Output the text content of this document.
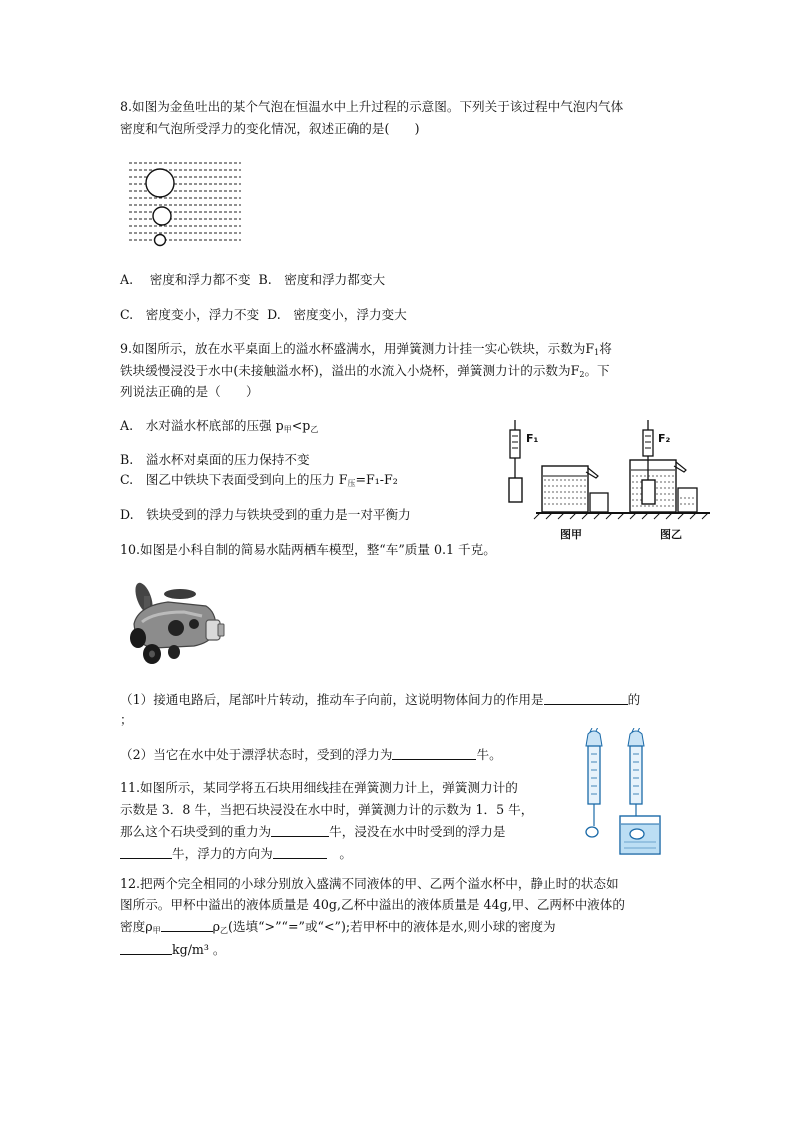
8.如图为金鱼吐出的某个气泡在恒温水中上升过程的示意图。下列关于该过程中气泡内气体
密度和气泡所受浮力的变化情况，叙述正确的是(　　)
A.　 密度和浮力都不变 B.　密度和浮力都变大
C.　密度变小，浮力不变 D.　密度变小，浮力变大
9.如图所示，放在水平桌面上的溢水杯盛满水，用弹簧测力计挂一实心铁块，示数为$F_1$将
铁块缓慢浸没于水中(未接触溢水杯)，溢出的水流入小烧杯，弹簧测力计的示数为$F_2$。下
列说法正确的是（　　）
A.　水对溢水杯底部的压强 $p_甲<p_乙$
B.　溢水杯对桌面的压力保持不变
C.　图乙中铁块下表面受到向上的压力 $F_压=F_1-F_2$
D.　铁块受到的浮力与铁块受到的重力是一对平衡力
F₁	F₂
图甲	图乙
10.如图是小科自制的简易水陆两栖车模型，整“车”质量 0.1 千克。
（1）接通电路后，尾部叶片转动，推动车子向前，这说明物体间力的作用是	的
；
（2）当它在水中处于漂浮状态时，受到的浮力为	牛。
11.如图所示，某同学将五石块用细线挂在弹簧测力计上，弹簧测力计的
示数是 3．8 牛，当把石块浸没在水中时，弹簧测力计的示数为 1．5 牛，
那么这个石块受到的重力为	牛，浸没在水中时受到的浮力是
牛，浮力的方向为	　。
12.把两个完全相同的小球分别放入盛满不同液体的甲、乙两个溢水杯中，静止时的状态如
图所示。甲杯中溢出的液体质量是 40g,乙杯中溢出的液体质量是 44g,甲、乙两杯中液体的
密度$\rho_甲$	$\rho_乙$(选填“>”“=”或“<”);若甲杯中的液体是水,则小球的密度为
kg/m³ 。
